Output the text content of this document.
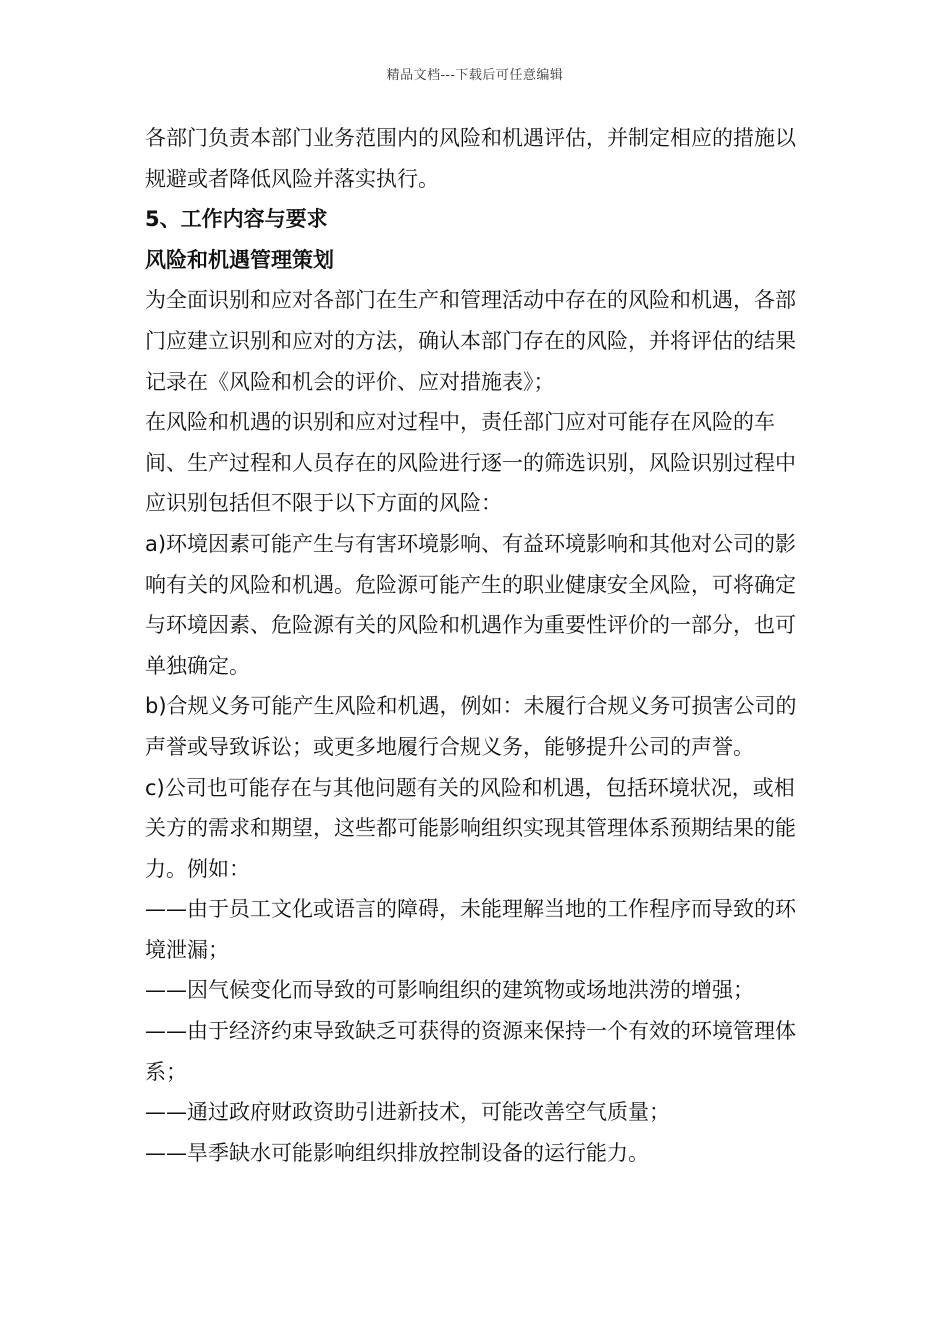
精品文档---下载后可任意编辑

各部门负责本部门业务范围内的风险和机遇评估，并制定相应的措施以规避或者降低风险并落实执行。

5、工作内容与要求

风险和机遇管理策划

为全面识别和应对各部门在生产和管理活动中存在的风险和机遇，各部门应建立识别和应对的方法，确认本部门存在的风险，并将评估的结果记录在《风险和机会的评价、应对措施表》；

在风险和机遇的识别和应对过程中，责任部门应对可能存在风险的车间、生产过程和人员存在的风险进行逐一的筛选识别，风险识别过程中应识别包括但不限于以下方面的风险：

a)环境因素可能产生与有害环境影响、有益环境影响和其他对公司的影响有关的风险和机遇。危险源可能产生的职业健康安全风险，可将确定与环境因素、危险源有关的风险和机遇作为重要性评价的一部分，也可单独确定。

b)合规义务可能产生风险和机遇，例如：未履行合规义务可损害公司的声誉或导致诉讼；或更多地履行合规义务，能够提升公司的声誉。

c)公司也可能存在与其他问题有关的风险和机遇，包括环境状况，或相关方的需求和期望，这些都可能影响组织实现其管理体系预期结果的能力。例如：

——由于员工文化或语言的障碍，未能理解当地的工作程序而导致的环境泄漏；

——因气候变化而导致的可影响组织的建筑物或场地洪涝的增强；

——由于经济约束导致缺乏可获得的资源来保持一个有效的环境管理体系；

——通过政府财政资助引进新技术，可能改善空气质量；

——旱季缺水可能影响组织排放控制设备的运行能力。
